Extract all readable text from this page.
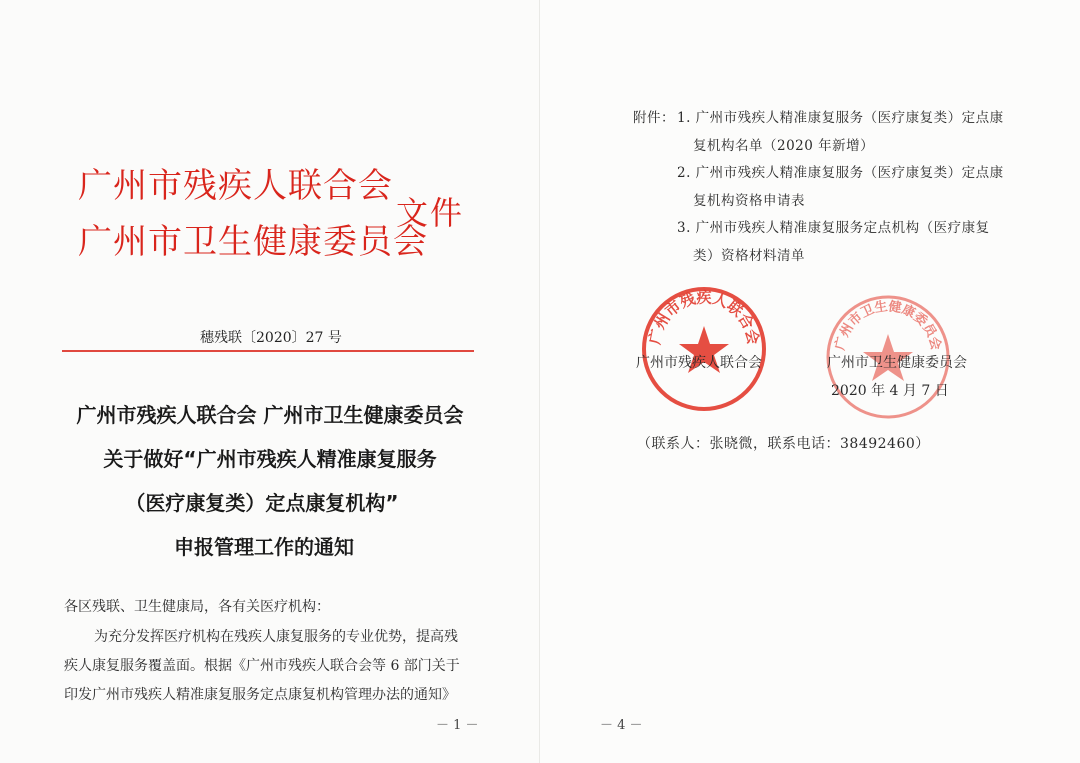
广州市残疾人联合会
广州市卫生健康委员会
文件
穗残联〔2020〕27 号
广州市残疾人联合会 广州市卫生健康委员会
关于做好“广州市残疾人精准康复服务
（医疗康复类）定点康复机构”
申报管理工作的通知
各区残联、卫生健康局，各有关医疗机构：
为充分发挥医疗机构在残疾人康复服务的专业优势，提高残
疾人康复服务覆盖面。根据《广州市残疾人联合会等 6 部门关于
印发广州市残疾人精准康复服务定点康复机构管理办法的通知》
－ 1 －
附件： 1. 广州市残疾人精准康复服务（医疗康复类）定点康
复机构名单（2020 年新增）
2. 广州市残疾人精准康复服务（医疗康复类）定点康
复机构资格申请表
3. 广州市残疾人精准康复服务定点机构（医疗康复
类）资格材料清单
广州市残疾人联合会	广州市卫生健康委员会
广州市残疾人联合会	广州市卫生健康委员会
2020 年 4 月 7 日
（联系人：张晓微，联系电话：38492460）
－ 4 －
